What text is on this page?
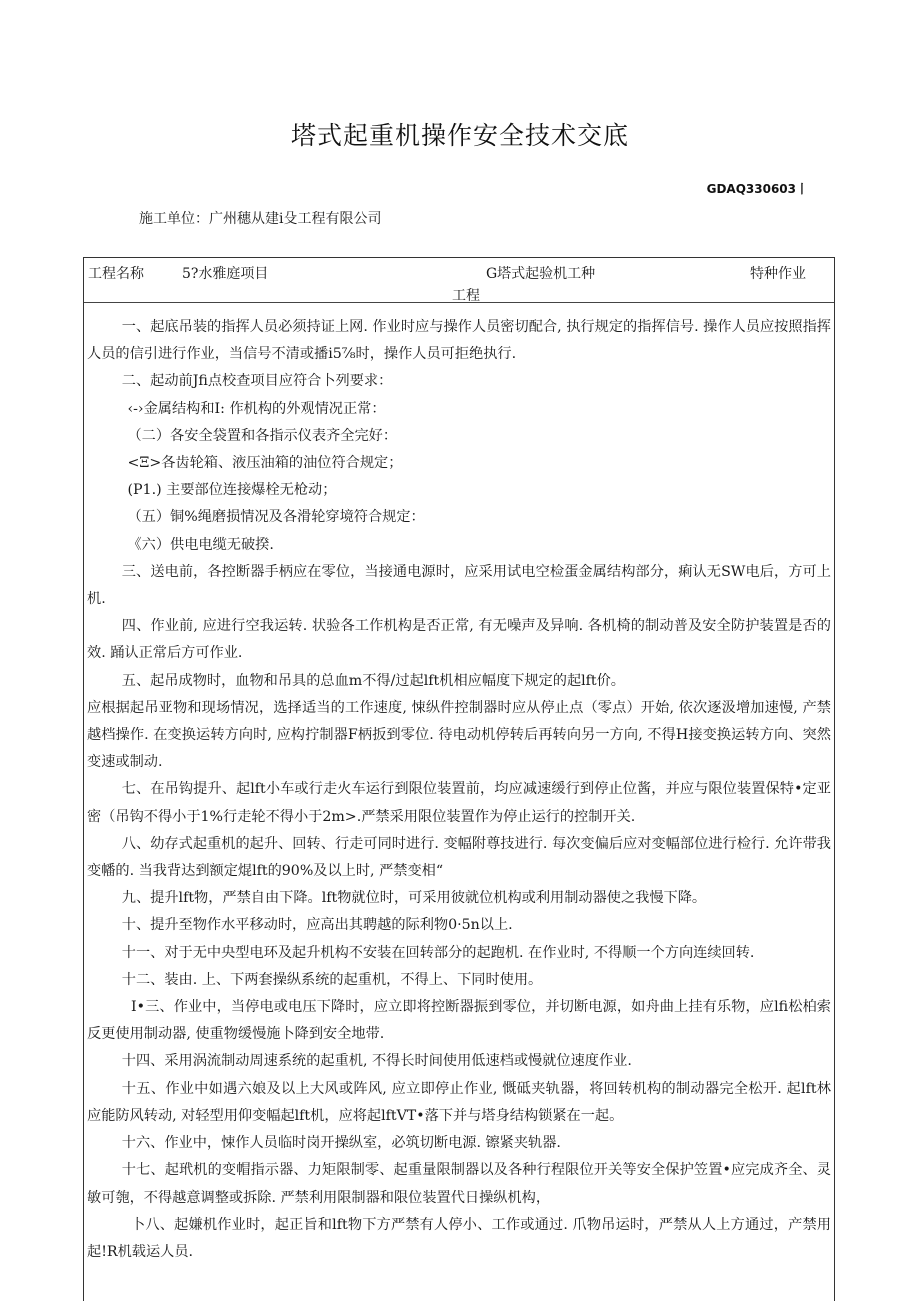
塔式起重机操作安全技术交底
GDAQ330603丨
施工单位：广州穗从建i殳工程有限公司
工程名称	5?水雅庭项目	G塔式起验机工种
工程
特种作业

一、起底吊装的指挥人员必须持证上网. 作业时应与操作人员密切配合, 执行规定的指挥信号. 操作人员应按照指挥人员的信引进行作业，当信号不清或播i5⅞时，操作人员可拒绝执行.

二、起动前Jfi点校查项目应符合卜列要求：

‹-›金属结构和I: 作机构的外观情况正常：

（二）各安全袋置和各指示仪表齐全完好：

<Ξ>各齿轮箱、液压油箱的油位符合规定；

(P1.) 主要部位连接爆栓无枪动；

（五）铜%绳磨损情况及各滑轮穿境符合规定：

《六）供电电缆无破揆.

三、送电前，各控断器手柄应在零位，当接通电源时，应采用试电空检蛋金属结构部分，痢认无SW电后，方可上机.

四、作业前, 应进行空我运转. 状验各工作机构是否正常, 有无噪声及异响. 各机椅的制动普及安全防护装置是否的效. 踊认正常后方可作业.

五、起吊成物时，血物和吊具的总血m不得/过起lft机相应幅度下规定的起lft价。

应根据起吊亚物和现场情况，选择适当的工作速度, 悚纵件控制器时应从停止点（零点）开始, 依次逐汲增加速慢, 产禁越档操作. 在变换运转方向时, 应构拧制器F柄扳到零位. 待电动机停转后再转向另一方向, 不得H接变换运转方向、突然变速或制动.

七、在吊钩提升、起lft小车或行走火车运行到限位装置前，均应减速缓行到停止位酱，并应与限位装置保特•定亚密（吊钩不得小于1%行走轮不得小于2m>.严禁采用限位装置作为停止运行的控制开关.

八、幼存式起重机的起升、回转、行走可同时进行. 变幅附尊技进行. 每次变偏后应对变幅部位进行检行. 允许带我变幡的. 当我背达到额定焜lft的90%及以上时, 严禁变相“

九、提升lft物，严禁自由下降。lft物就位时，可采用彼就位机构或利用制动器使之我慢下降。

十、提升至物作水平移动时，应高出其聘越的际利物0·5n以上.

十一、对于无中央型电环及起升机构不安装在回转部分的起跑机. 在作业时, 不得顺一个方向连续回转.

十二、装由. 上、下两套操纵系统的起重机，不得上、下同时使用。

I•三、作业中，当停电或电压下降时，应立即将控断器振到零位，并切断电源，如舟曲上挂有乐物，应lfi松柏索反更使用制动器, 使重物缓慢施卜降到安全地带.

十四、采用涡流制动周速系统的起重机, 不得长时间使用低速档或慢就位速度作业.

十五、作业中如遇六娘及以上大风或阵风, 应立即停止作业, 慨砥夹轨器，将回转机构的制动器完全松开. 起lft林应能防风转动, 对轻型用仰变幅起lft机，应将起lftVT•落下并与塔身结构锁紧在一起。

十六、作业中，悚作人员临时岗开操纵室，必筑切断电源. 镲紧夹轨器.

十七、起玳机的变帽指示器、力矩限制零、起重量限制器以及各种行程限位开关等安全保护笠置•应完成齐全、灵敏可匏，不得越意调整或拆除. 严禁利用限制器和限位装置代日操纵机构，

卜八、起嫌机作业时，起正旨和lft物下方严禁有人停小、工作或通过. 爪物吊运时，严禁从人上方通过，产禁用起!R机载运人员.
